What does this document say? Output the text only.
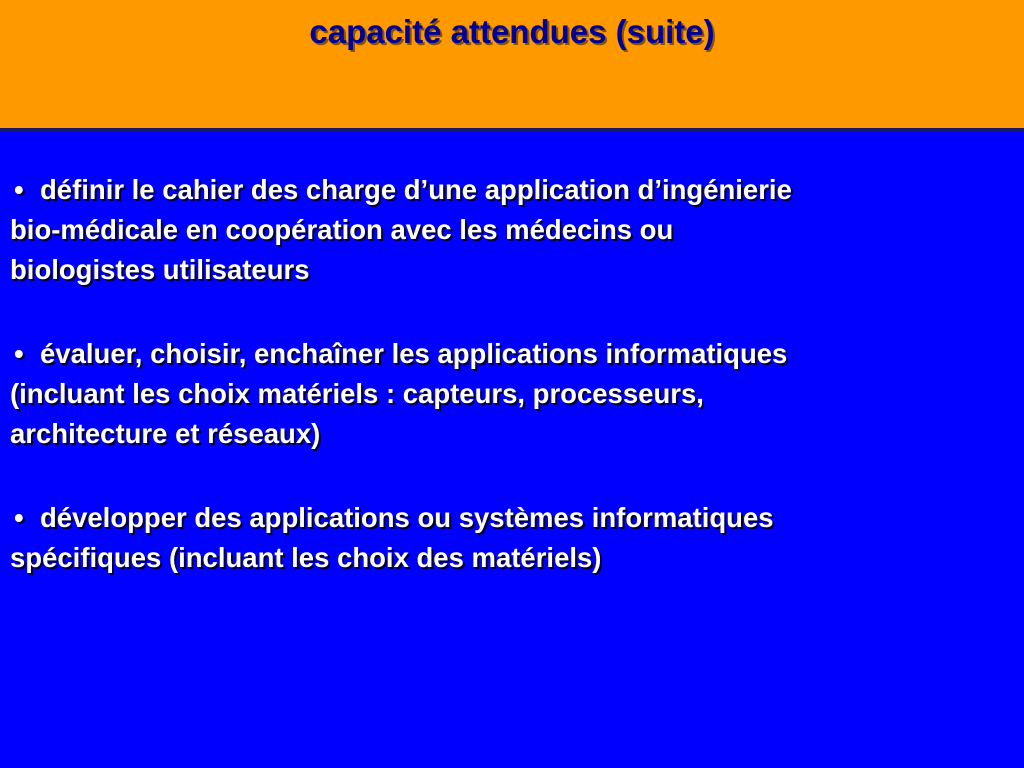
capacité attendues (suite)
• définir le cahier des charge d’une application d’ingénierie
bio-médicale en coopération avec les médecins ou
biologistes utilisateurs
• évaluer, choisir, enchaîner les applications informatiques
(incluant les choix matériels : capteurs, processeurs,
architecture et réseaux)
• développer des applications ou systèmes informatiques
spécifiques (incluant les choix des matériels)
